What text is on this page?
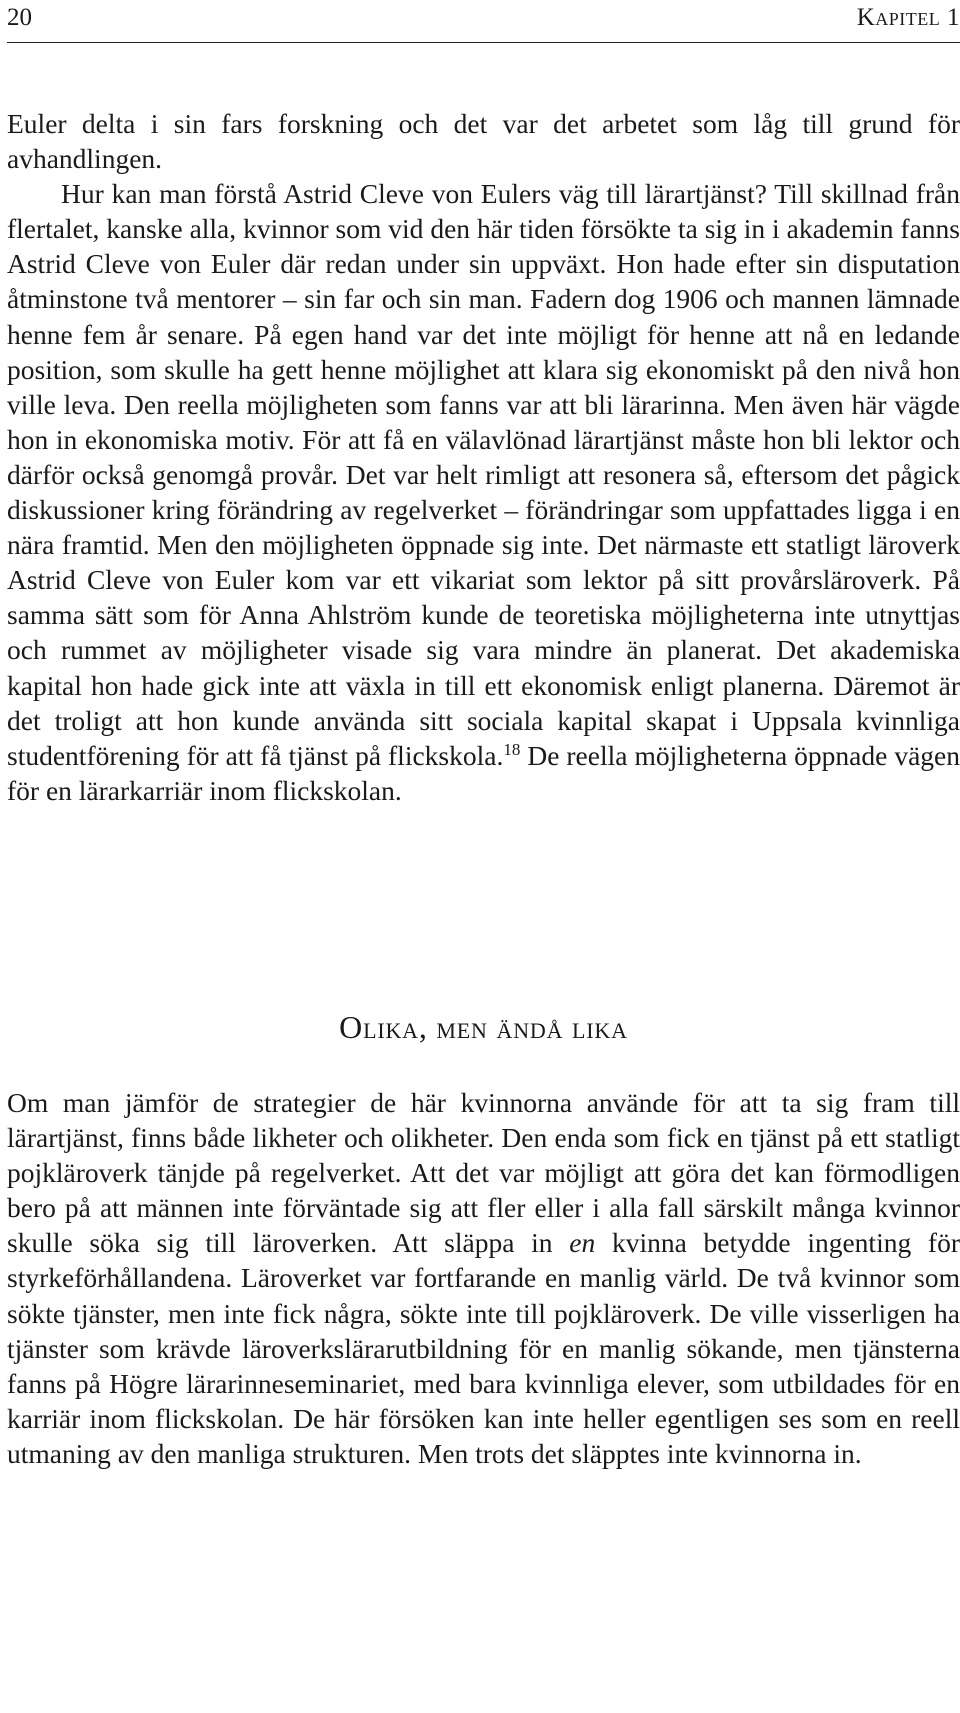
20	Kapitel 1

Euler delta i sin fars forskning och det var det arbetet som låg till grund för avhandlingen.

Hur kan man förstå Astrid Cleve von Eulers väg till lärartjänst? Till skillnad från flertalet, kanske alla, kvinnor som vid den här tiden försökte ta sig in i akademin fanns Astrid Cleve von Euler där redan under sin uppväxt. Hon hade efter sin disputation åtminstone två mentorer – sin far och sin man. Fadern dog 1906 och mannen lämnade henne fem år senare. På egen hand var det inte möjligt för henne att nå en ledande position, som skulle ha gett henne möjlighet att klara sig ekonomiskt på den nivå hon ville leva. Den reella möjligheten som fanns var att bli lärarinna. Men även här vägde hon in ekonomiska motiv. För att få en välavlönad lärartjänst måste hon bli lektor och därför också genomgå provår. Det var helt rimligt att resonera så, eftersom det pågick diskussioner kring förändring av regelverket – förändringar som uppfattades ligga i en nära framtid. Men den möjligheten öppnade sig inte. Det närmaste ett statligt läroverk Astrid Cleve von Euler kom var ett vikariat som lektor på sitt provårsläroverk. På samma sätt som för Anna Ahlström kunde de teoretiska möjligheterna inte utnyttjas och rummet av möjligheter visade sig vara mindre än planerat. Det akademiska kapital hon hade gick inte att växla in till ett ekonomisk enligt planerna. Däremot är det troligt att hon kunde använda sitt sociala kapital skapat i Uppsala kvinnliga studentförening för att få tjänst på flickskola.$^{18}$ De reella möjligheterna öppnade vägen för en lärarkarriär inom flickskolan.

Olika, men ändå lika

Om man jämför de strategier de här kvinnorna använde för att ta sig fram till lärartjänst, finns både likheter och olikheter. Den enda som fick en tjänst på ett statligt pojkläroverk tänjde på regelverket. Att det var möjligt att göra det kan förmodligen bero på att männen inte förväntade sig att fler eller i alla fall särskilt många kvinnor skulle söka sig till läroverken. Att släppa in en kvinna betydde ingenting för styrkeförhållandena. Läroverket var fortfarande en manlig värld. De två kvinnor som sökte tjänster, men inte fick några, sökte inte till pojkläroverk. De ville visserligen ha tjänster som krävde läroverkslärarutbildning för en manlig sökande, men tjänsterna fanns på Högre lärarinneseminariet, med bara kvinnliga elever, som utbildades för en karriär inom flickskolan. De här försöken kan inte heller egentligen ses som en reell utmaning av den manliga strukturen. Men trots det släpptes inte kvinnorna in.
